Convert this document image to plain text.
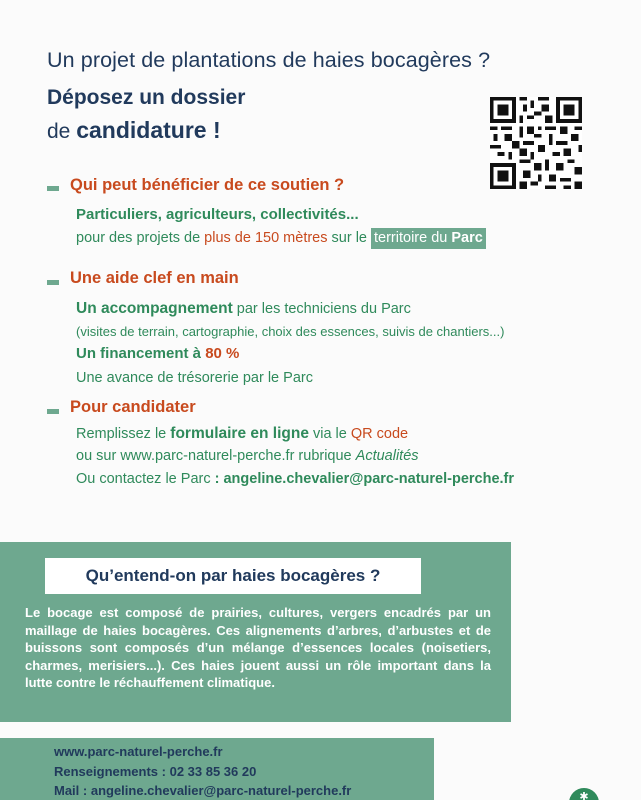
Un projet de plantations de haies bocagères ?
Déposez un dossier
de candidature !
Qui peut bénéficier de ce soutien ?
Particuliers, agriculteurs, collectivités...
pour des projets de plus de 150 mètres sur le territoire du Parc
Une aide clef en main
Un accompagnement par les techniciens du Parc
(visites de terrain, cartographie, choix des essences, suivis de chantiers...)
Un financement à 80 %
Une avance de trésorerie par le Parc
Pour candidater
Remplissez le formulaire en ligne via le QR code
ou sur www.parc-naturel-perche.fr rubrique Actualités
Ou contactez le Parc : angeline.chevalier@parc-naturel-perche.fr
Qu’entend-on par haies bocagères ?
Le bocage est composé de prairies, cultures, vergers encadrés par un maillage de haies bocagères. Ces alignements d’arbres, d’arbustes et de buissons sont composés d’un mélange d’essences locales (noisetiers, charmes, merisiers...). Ces haies jouent aussi un rôle important dans la lutte contre le réchauffement climatique.
www.parc-naturel-perche.fr
Renseignements : 02 33 85 36 20
Mail : angeline.chevalier@parc-naturel-perche.fr	✱
